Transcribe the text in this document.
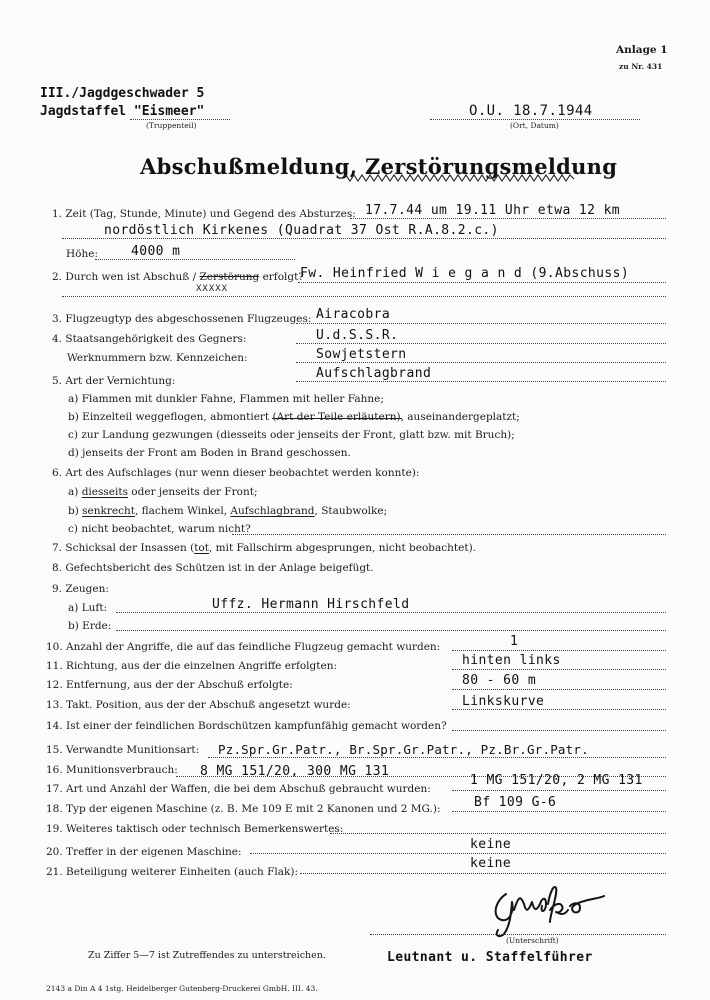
Anlage 1
zu Nr. 431
III./Jagdgeschwader 5
Jagdstaffel "Eismeer"
(Truppenteil)
O.U. 18.7.1944
(Ort, Datum)
Abschußmeldung, Zerstörungsmeldung
1. Zeit (Tag, Stunde, Minute) und Gegend des Absturzes: 17.7.44 um 19.11 Uhr etwa 12 km
nordöstlich Kirkenes (Quadrat 37 Ost R.A.8.2.c.)
Höhe:	4000 m
2. Durch wen ist Abschuß / Zerstörung erfolgt?
XXXXX
Fw. Heinfried W i e g a n d (9.Abschuss)
3. Flugzeugtyp des abgeschossenen Flugzeuges: Airacobra
4. Staatsangehörigkeit des Gegners:	U.d.S.S.R.
Werknummern bzw. Kennzeichen:	Sowjetstern
5. Art der Vernichtung:	Aufschlagbrand
a) Flammen mit dunkler Fahne, Flammen mit heller Fahne;
b) Einzelteil weggeflogen, abmontiert (Art der Teile erläutern), auseinandergeplatzt;
c) zur Landung gezwungen (diesseits oder jenseits der Front, glatt bzw. mit Bruch);
d) jenseits der Front am Boden in Brand geschossen.
6. Art des Aufschlages (nur wenn dieser beobachtet werden konnte):
a) diesseits oder jenseits der Front;
b) senkrecht, flachem Winkel, Aufschlagbrand, Staubwolke;
c) nicht beobachtet, warum nicht?
7. Schicksal der Insassen (tot, mit Fallschirm abgesprungen, nicht beobachtet).
8. Gefechtsbericht des Schützen ist in der Anlage beigefügt.
9. Zeugen:
a) Luft:	Uffz. Hermann Hirschfeld
b) Erde:
10. Anzahl der Angriffe, die auf das feindliche Flugzeug gemacht wurden:	1
11. Richtung, aus der die einzelnen Angriffe erfolgten:	hinten links
12. Entfernung, aus der der Abschuß erfolgte:	80 - 60 m
13. Takt. Position, aus der der Abschuß angesetzt wurde:	Linkskurve
14. Ist einer der feindlichen Bordschützen kampfunfähig gemacht worden?
15. Verwandte Munitionsart: Pz.Spr.Gr.Patr., Br.Spr.Gr.Patr., Pz.Br.Gr.Patr.
16. Munitionsverbrauch: 8 MG 151/20, 300 MG 131
17. Art und Anzahl der Waffen, die bei dem Abschuß gebraucht wurden:
1 MG 151/20, 2 MG 131
18. Typ der eigenen Maschine (z. B. Me 109 E mit 2 Kanonen und 2 MG.):	Bf 109 G-6
19. Weiteres taktisch oder technisch Bemerkenswertes:
keine
20. Treffer in der eigenen Maschine:
keine
21. Beteiligung weiterer Einheiten (auch Flak):
(Unterschrift)
Leutnant u. Staffelführer
Zu Ziffer 5—7 ist Zutreffendes zu unterstreichen.
2143 a Din A 4 1stg. Heidelberger Gutenberg-Druckerei GmbH. III. 43.
